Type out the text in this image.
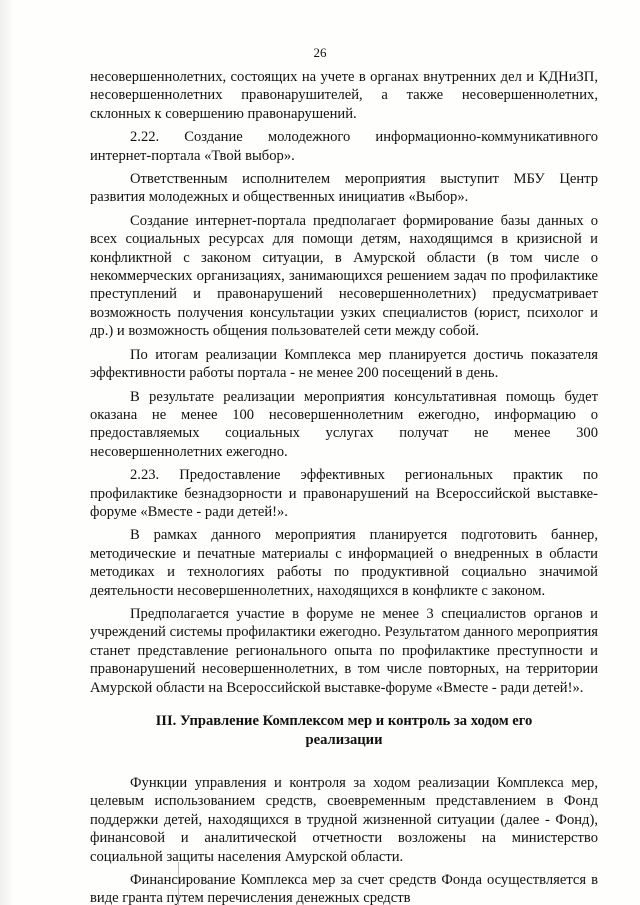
26

несовершеннолетних, состоящих на учете в органах внутренних дел и КДНиЗП, несовершеннолетних правонарушителей, а также несовершеннолетних, склонных к совершению правонарушений.

2.22. Создание молодежного информационно-коммуникативного интернет-портала «Твой выбор».

Ответственным исполнителем мероприятия выступит МБУ Центр развития молодежных и общественных инициатив «Выбор».

Создание интернет-портала предполагает формирование базы данных о всех социальных ресурсах для помощи детям, находящимся в кризисной и конфликтной с законом ситуации, в Амурской области (в том числе о некоммерческих организациях, занимающихся решением задач по профилактике преступлений и правонарушений несовершеннолетних) предусматривает возможность получения консультации узких специалистов (юрист, психолог и др.) и возможность общения пользователей сети между собой.

По итогам реализации Комплекса мер планируется достичь показателя эффективности работы портала - не менее 200 посещений в день.

В результате реализации мероприятия консультативная помощь будет оказана не менее 100 несовершеннолетним ежегодно, информацию о предоставляемых социальных услугах получат не менее 300 несовершеннолетних ежегодно.

2.23. Предоставление эффективных региональных практик по профилактике безнадзорности и правонарушений на Всероссийской выставке-форуме «Вместе - ради детей!».

В рамках данного мероприятия планируется подготовить баннер, методические и печатные материалы с информацией о внедренных в области методиках и технологиях работы по продуктивной социально значимой деятельности несовершеннолетних, находящихся в конфликте с законом.

Предполагается участие в форуме не менее 3 специалистов органов и учреждений системы профилактики ежегодно. Результатом данного мероприятия станет представление регионального опыта по профилактике преступности и правонарушений несовершеннолетних, в том числе повторных, на территории Амурской области на Всероссийской выставке-форуме «Вместе - ради детей!».

III. Управление Комплексом мер и контроль за ходом его реализации

Функции управления и контроля за ходом реализации Комплекса мер, целевым использованием средств, своевременным представлением в Фонд поддержки детей, находящихся в трудной жизненной ситуации (далее - Фонд), финансовой и аналитической отчетности возложены на министерство социальной защиты населения Амурской области.

Финансирование Комплекса мер за счет средств Фонда осуществляется в виде гранта путем перечисления денежных средств
